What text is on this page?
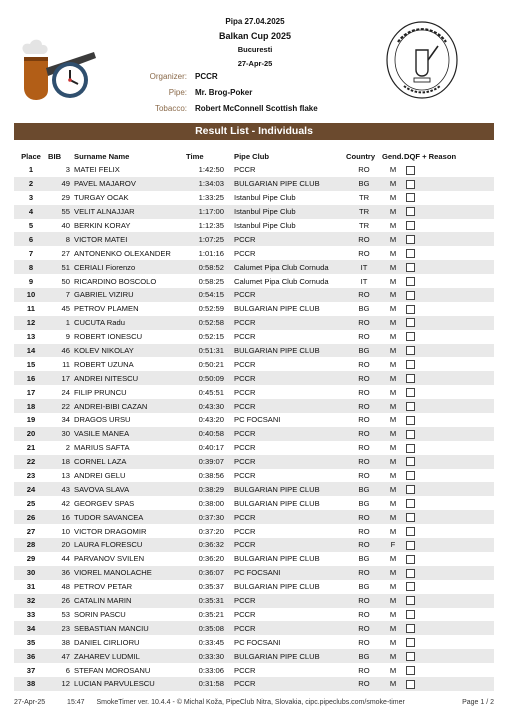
Pipa 27.04.2025
Balkan Cup 2025
Bucuresti
27-Apr-25
Organizer: PCCR
Pipe: Mr. Brog-Poker
Tobacco: Robert McConnell Scottish flake
Result List - Individuals
Place	BIB	Surname Name	Time	Pipe Club	Country	Gend.	DQF + Reason
1	3	MATEI FELIX	1:42:50	PCCR	RO	M	
2	49	PAVEL MAJAROV	1:34:03	BULGARIAN PIPE CLUB	BG	M	
3	29	TURGAY OCAK	1:33:25	Istanbul Pipe Club	TR	M	
4	55	VELIT ALNAJJAR	1:17:00	Istanbul Pipe Club	TR	M	
5	40	BERKIN KORAY	1:12:35	Istanbul Pipe Club	TR	M	
6	8	VICTOR MATEI	1:07:25	PCCR	RO	M	
7	27	ANTONENKO OLEXANDER	1:01:16	PCCR	RO	M	
8	51	CERIALI Fiorenzo	0:58:52	Calumet Pipa Club Cornuda	IT	M	
9	50	RICARDINO BOSCOLO	0:58:25	Calumet Pipa Club Cornuda	IT	M	
10	7	GABRIEL VIZIRU	0:54:15	PCCR	RO	M	
11	45	PETROV PLAMEN	0:52:59	BULGARIAN PIPE CLUB	BG	M	
12	1	CUCUTA Radu	0:52:58	PCCR	RO	M	
13	9	ROBERT IONESCU	0:52:15	PCCR	RO	M	
14	46	KOLEV NIKOLAY	0:51:31	BULGARIAN PIPE CLUB	BG	M	
15	11	ROBERT UZUNA	0:50:21	PCCR	RO	M	
16	17	ANDREI NITESCU	0:50:09	PCCR	RO	M	
17	24	FILIP PRUNCU	0:45:51	PCCR	RO	M	
18	22	ANDREI-BIBI CAZAN	0:43:30	PCCR	RO	M	
19	34	DRAGOS URSU	0:43:20	PC FOCSANI	RO	M	
20	30	VASILE MANEA	0:40:58	PCCR	RO	M	
21	2	MARIUS SAFTA	0:40:17	PCCR	RO	M	
22	18	CORNEL LAZA	0:39:07	PCCR	RO	M	
23	13	ANDREI GELU	0:38:56	PCCR	RO	M	
24	43	SAVOVA SLAVA	0:38:29	BULGARIAN PIPE CLUB	BG	M	
25	42	GEORGEV SPAS	0:38:00	BULGARIAN PIPE CLUB	BG	M	
26	16	TUDOR SAVANCEA	0:37:30	PCCR	RO	M	
27	10	VICTOR DRAGOMIR	0:37:20	PCCR	RO	M	
28	20	LAURA FLORESCU	0:36:32	PCCR	RO	F	
29	44	PARVANOV SVILEN	0:36:20	BULGARIAN PIPE CLUB	BG	M	
30	36	VIOREL MANOLACHE	0:36:07	PC FOCSANI	RO	M	
31	48	PETROV PETAR	0:35:37	BULGARIAN PIPE CLUB	BG	M	
32	26	CATALIN MARIN	0:35:31	PCCR	RO	M	
33	53	SORIN PASCU	0:35:21	PCCR	RO	M	
34	23	SEBASTIAN MANCIU	0:35:08	PCCR	RO	M	
35	38	DANIEL CIRLIORU	0:33:45	PC FOCSANI	RO	M	
36	47	ZAHAREV LUDMIL	0:33:30	BULGARIAN PIPE CLUB	BG	M	
37	6	STEFAN MOROSANU	0:33:06	PCCR	RO	M	
38	12	LUCIAN PARVULESCU	0:31:58	PCCR	RO	M	
27-Apr-25	15:47 SmokeTimer ver. 10.4.4 - © Michal Koža, PipeClub Nitra, Slovakia, cipc.pipeclubs.com/smoke-timer	Page 1 / 2
